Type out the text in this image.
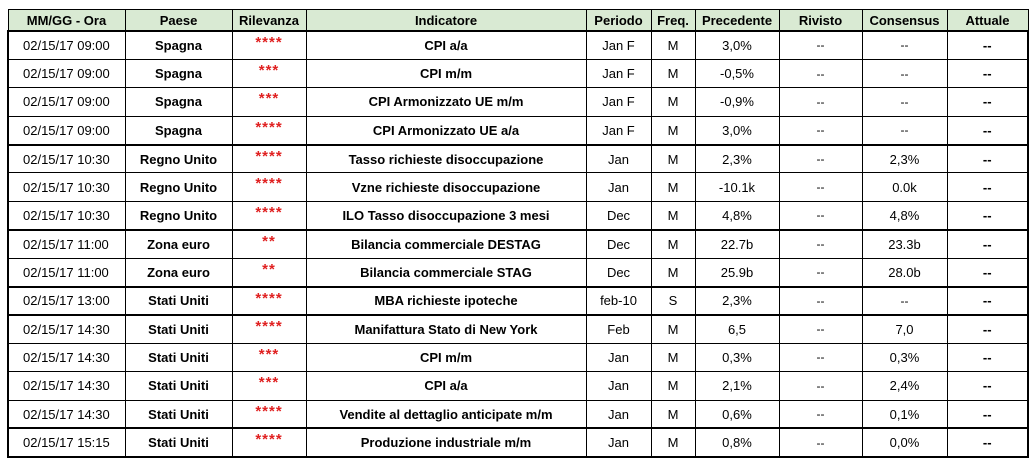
MM/GG - Ora	Paese	Rilevanza	Indicatore	Periodo	Freq.	Precedente	Rivisto	Consensus	Attuale
02/15/17 09:00	Spagna	****	CPI a/a	Jan F	M	3,0%	--	--	--
02/15/17 09:00	Spagna	***	CPI m/m	Jan F	M	-0,5%	--	--	--
02/15/17 09:00	Spagna	***	CPI Armonizzato UE m/m	Jan F	M	-0,9%	--	--	--
02/15/17 09:00	Spagna	****	CPI Armonizzato UE a/a	Jan F	M	3,0%	--	--	--
02/15/17 10:30	Regno Unito	****	Tasso richieste disoccupazione	Jan	M	2,3%	--	2,3%	--
02/15/17 10:30	Regno Unito	****	Vzne richieste disoccupazione	Jan	M	-10.1k	--	0.0k	--
02/15/17 10:30	Regno Unito	****	ILO Tasso disoccupazione 3 mesi	Dec	M	4,8%	--	4,8%	--
02/15/17 11:00	Zona euro	**	Bilancia commerciale DESTAG	Dec	M	22.7b	--	23.3b	--
02/15/17 11:00	Zona euro	**	Bilancia commerciale STAG	Dec	M	25.9b	--	28.0b	--
02/15/17 13:00	Stati Uniti	****	MBA richieste ipoteche	feb-10	S	2,3%	--	--	--
02/15/17 14:30	Stati Uniti	****	Manifattura Stato di New York	Feb	M	6,5	--	7,0	--
02/15/17 14:30	Stati Uniti	***	CPI m/m	Jan	M	0,3%	--	0,3%	--
02/15/17 14:30	Stati Uniti	***	CPI a/a	Jan	M	2,1%	--	2,4%	--
02/15/17 14:30	Stati Uniti	****	Vendite al dettaglio anticipate m/m	Jan	M	0,6%	--	0,1%	--
02/15/17 15:15	Stati Uniti	****	Produzione industriale m/m	Jan	M	0,8%	--	0,0%	--
